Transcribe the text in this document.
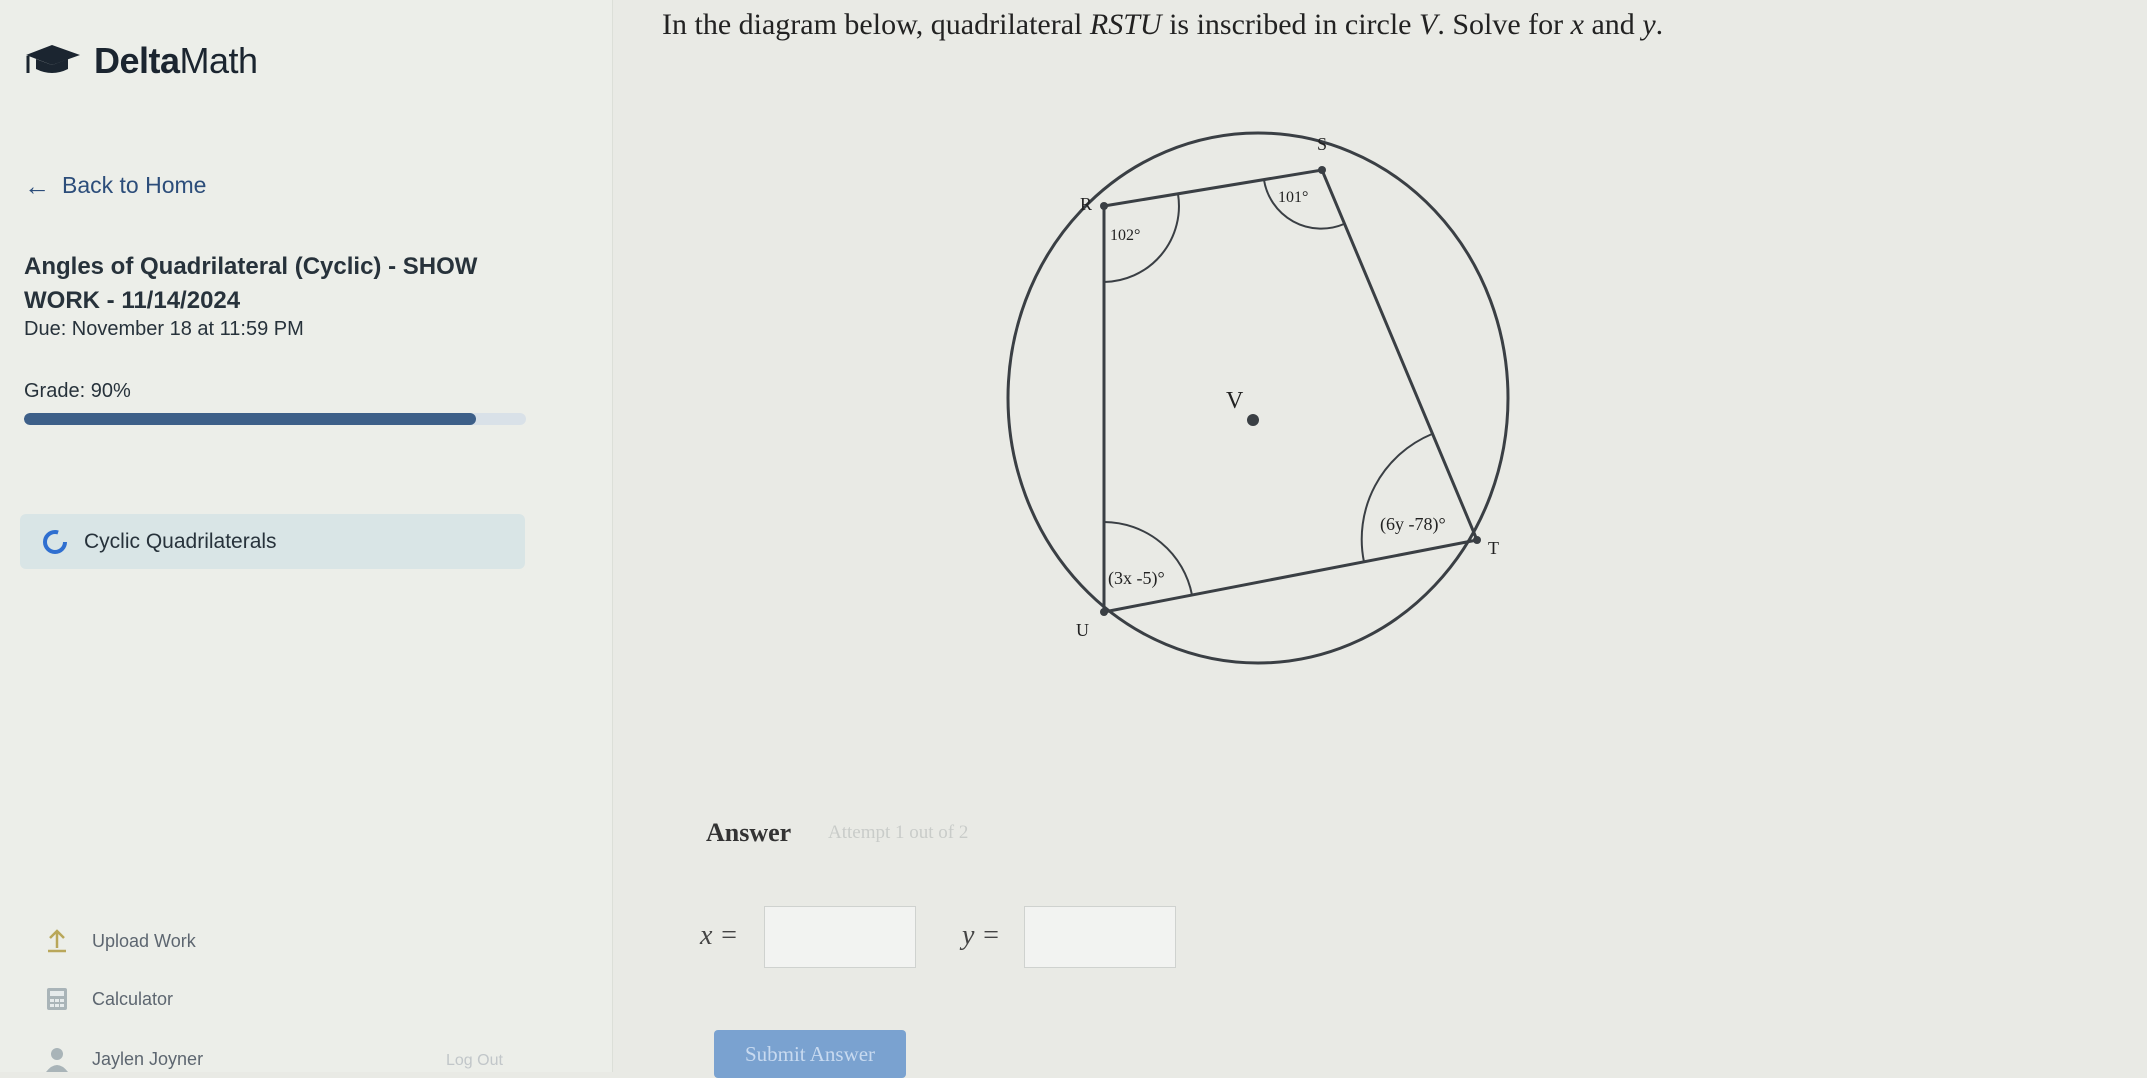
DeltaMath
← Back to Home
Angles of Quadrilateral (Cyclic) - SHOW WORK - 11/14/2024
Due: November 18 at 11:59 PM
Grade: 90%
Cyclic Quadrilaterals
Upload Work
Calculator
Jaylen Joyner	Log Out
In the diagram below, quadrilateral RSTU is inscribed in circle V. Solve for x and y.
S
R
T
U
V
102°
101°
(6y -78)°
(3x -5)°
Answer Attempt 1 out of 2
x =	y =
Submit Answer
